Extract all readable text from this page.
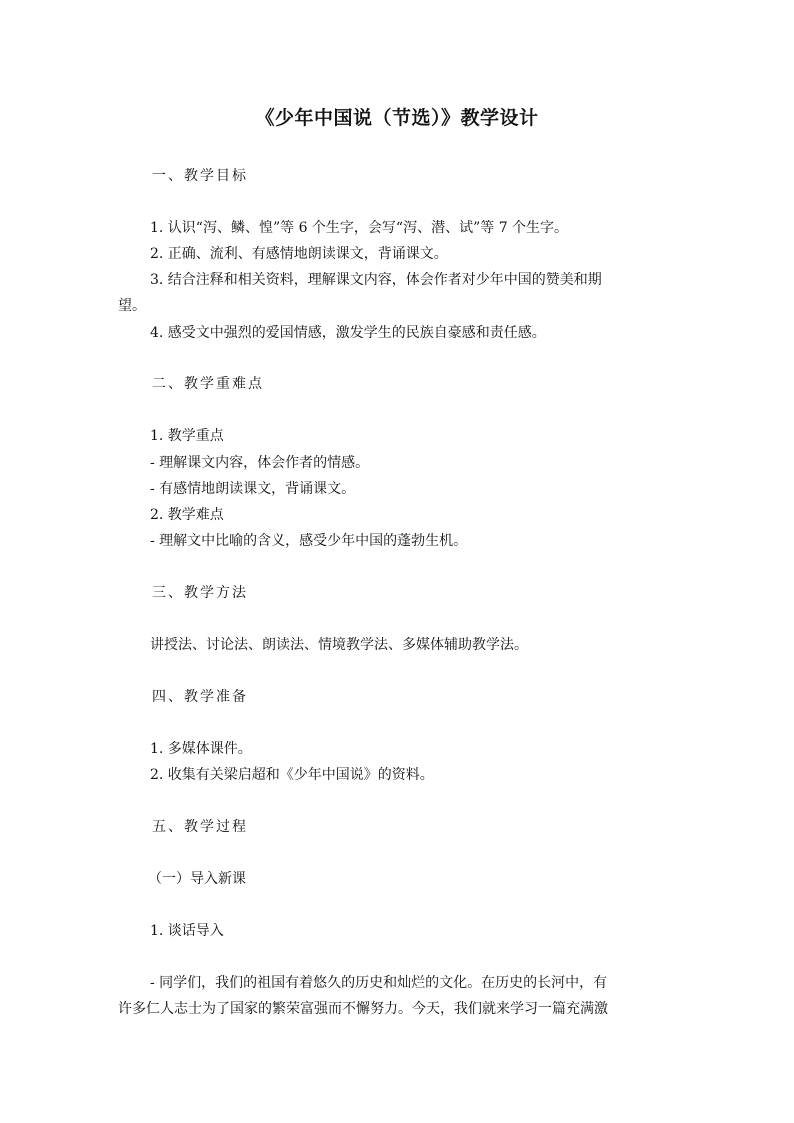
《少年中国说（节选）》教学设计
一、教学目标
1. 认识“泻、鳞、惶”等 6 个生字，会写“泻、潜、试”等 7 个生字。
2. 正确、流利、有感情地朗读课文，背诵课文。
3. 结合注释和相关资料，理解课文内容，体会作者对少年中国的赞美和期
望。
4. 感受文中强烈的爱国情感，激发学生的民族自豪感和责任感。
二、教学重难点
1. 教学重点
- 理解课文内容，体会作者的情感。
- 有感情地朗读课文，背诵课文。
2. 教学难点
- 理解文中比喻的含义，感受少年中国的蓬勃生机。
三、教学方法
讲授法、讨论法、朗读法、情境教学法、多媒体辅助教学法。
四、教学准备
1. 多媒体课件。
2. 收集有关梁启超和《少年中国说》的资料。
五、教学过程
（一）导入新课
1. 谈话导入
- 同学们，我们的祖国有着悠久的历史和灿烂的文化。在历史的长河中，有
许多仁人志士为了国家的繁荣富强而不懈努力。今天，我们就来学习一篇充满激
